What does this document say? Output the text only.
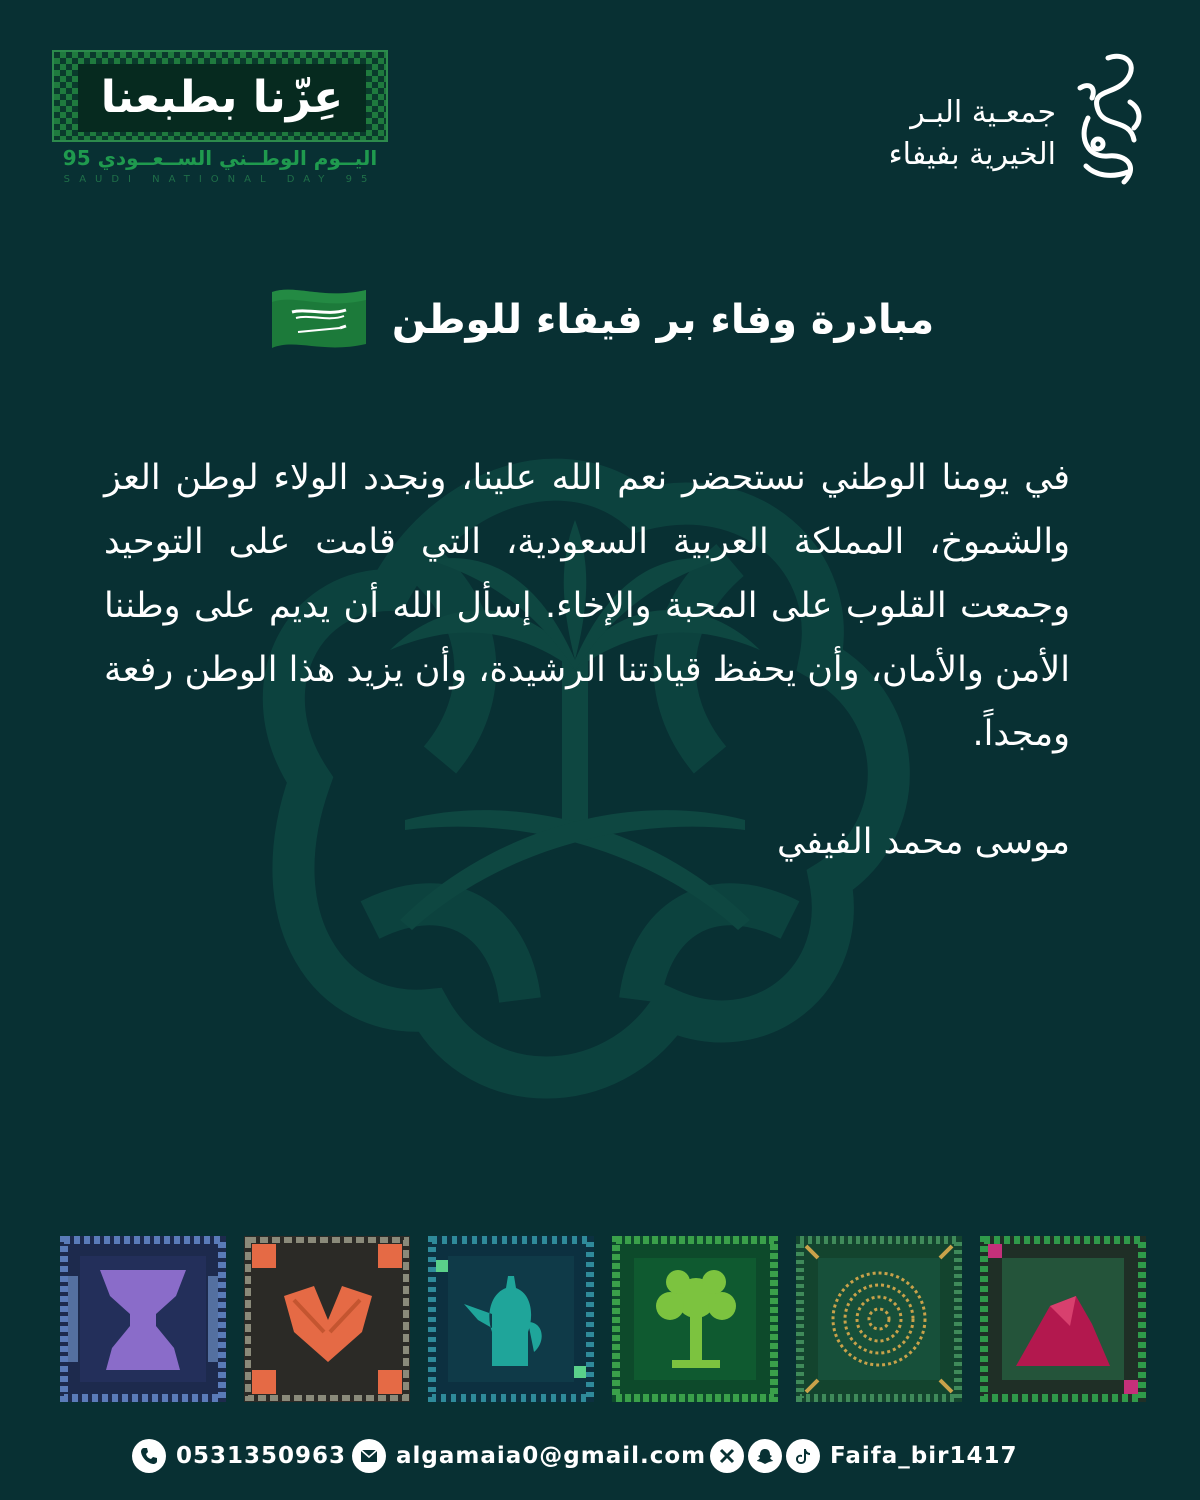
عِزّنا بطبعنا
اليــوم الوطــني الســعــودي 95
SAUDI NATIONAL DAY 95
جمعـية البـر
الخيرية بفيفاء
مبادرة وفاء بر فيفاء للوطن
في يومنا الوطني نستحضر نعم الله علينا، ونجدد الولاء لوطن العز والشموخ، المملكة العربية السعودية، التي قامت على التوحيد وجمعت القلوب على المحبة والإخاء. إسأل الله أن يديم على وطننا الأمن والأمان، وأن يحفظ قيادتنا الرشيدة، وأن يزيد هذا الوطن رفعة ومجداً.
موسى محمد الفيفي
0531350963 algamaia0@gmail.com	Faifa_bir1417
